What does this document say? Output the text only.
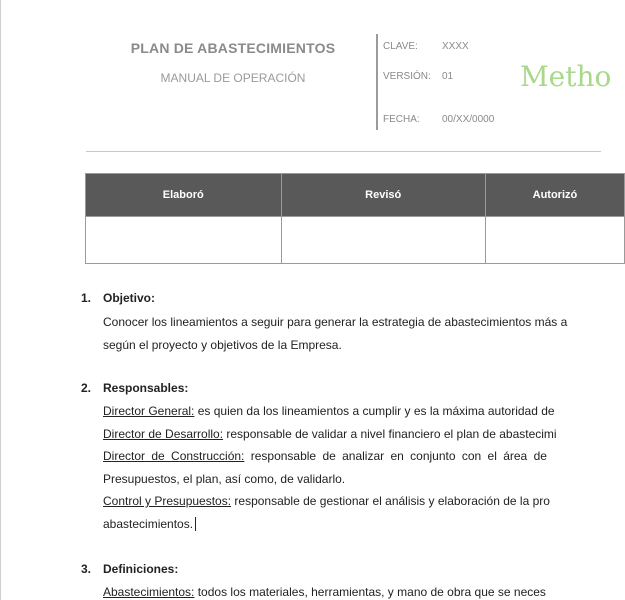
PLAN DE ABASTECIMIENTOS
MANUAL DE OPERACIÓN
CLAVE: XXXX
VERSIÓN: 01
FECHA: 00/XX/0000
Metho
Elaboró	Revisó	Autorizó

1. Objetivo:
Conocer los lineamientos a seguir para generar la estrategia de abastecimientos más a
según el proyecto y objetivos de la Empresa.
2. Responsables:
Director General: es quien da los lineamientos a cumplir y es la máxima autoridad de
Director de Desarrollo: responsable de validar a nivel financiero el plan de abastecimi
Director de Construcción: responsable de analizar en conjunto con el área de
Presupuestos, el plan, así como, de validarlo.
Control y Presupuestos: responsable de gestionar el análisis y elaboración de la pro
abastecimientos.
3. Definiciones:
Abastecimientos: todos los materiales, herramientas, y mano de obra que se neces
